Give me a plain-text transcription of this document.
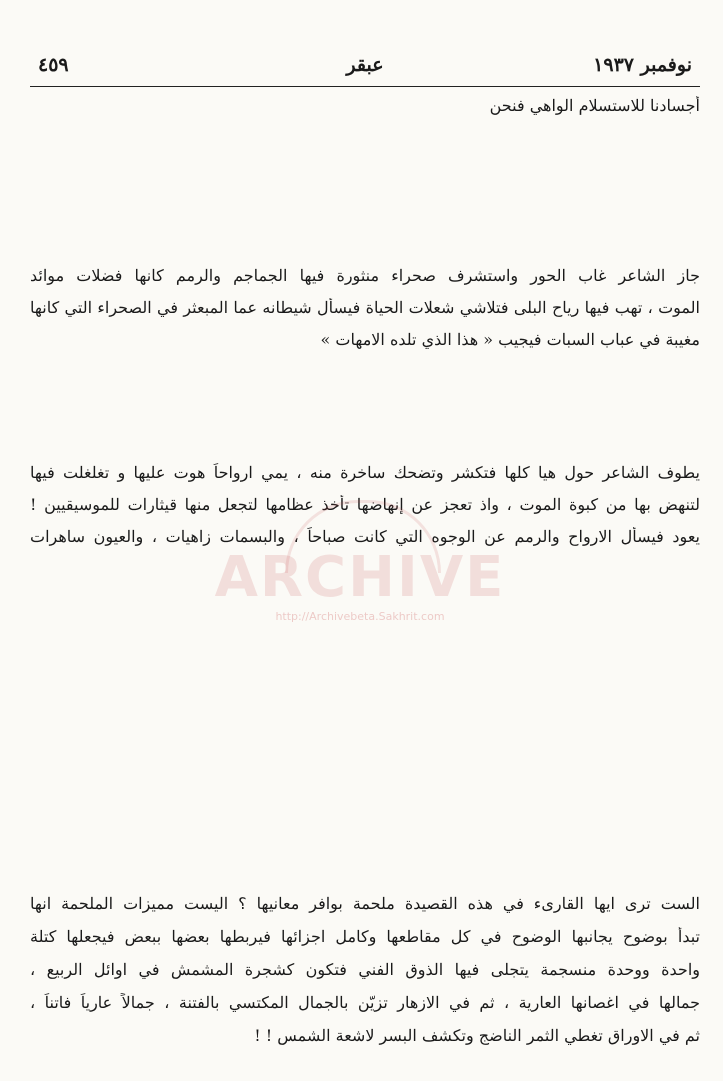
نوفمبر ١٩٣٧
عبقر
٤٥٩
أجسادنا للاستسلام الواهي فنحن
جاز الشاعر غاب الحور واستشرف صحراء منثورة فيها الجماجم والرمم كانها فضلات موائد
الموت ، تهب فيها رياح البلى فتلاشي شعلات الحياة فيسأل شيطانه عما المبعثر في الصحراء التي كانها
مغيبة في عباب السبات فيجيب « هذا الذي تلده الامهات »
يطوف الشاعر حول هيا كلها فتكشر وتضحك ساخرة منه ، يمي ارواحاً هوت عليها و تغلغلت فيها
لتنهض بها من كبوة الموت ، واذ تعجز عن إنهاضها تأخذ عظامها لتجعل منها قيثارات للموسيقيين !
يعود فيسأل الارواح والرمم عن الوجوه التي كانت صباحاً ، والبسمات زاهيات ، والعيون ساهرات
الست ترى ايها القارىء في هذه القصيدة ملحمة بوافر معانيها ؟ اليست مميزات الملحمة انها
تبدأ بوضوح يجانبها الوضوح في كل مقاطعها وكامل اجزائها فيربطها بعضها ببعض فيجعلها كتلة
واحدة ووحدة منسجمة يتجلى فيها الذوق الفني فتكون كشجرة المشمش في اوائل الربيع ،
جمالها في اغصانها العارية ، ثم في الازهار تزيّن بالجمال المكتسي بالفتنة ، جمالاً عارياً فاتناً ،
ثم في الاوراق تغطي الثمر الناضج وتكشف البسر لاشعة الشمس ! !
ARCHIVE
http://Archivebeta.Sakhrit.com
